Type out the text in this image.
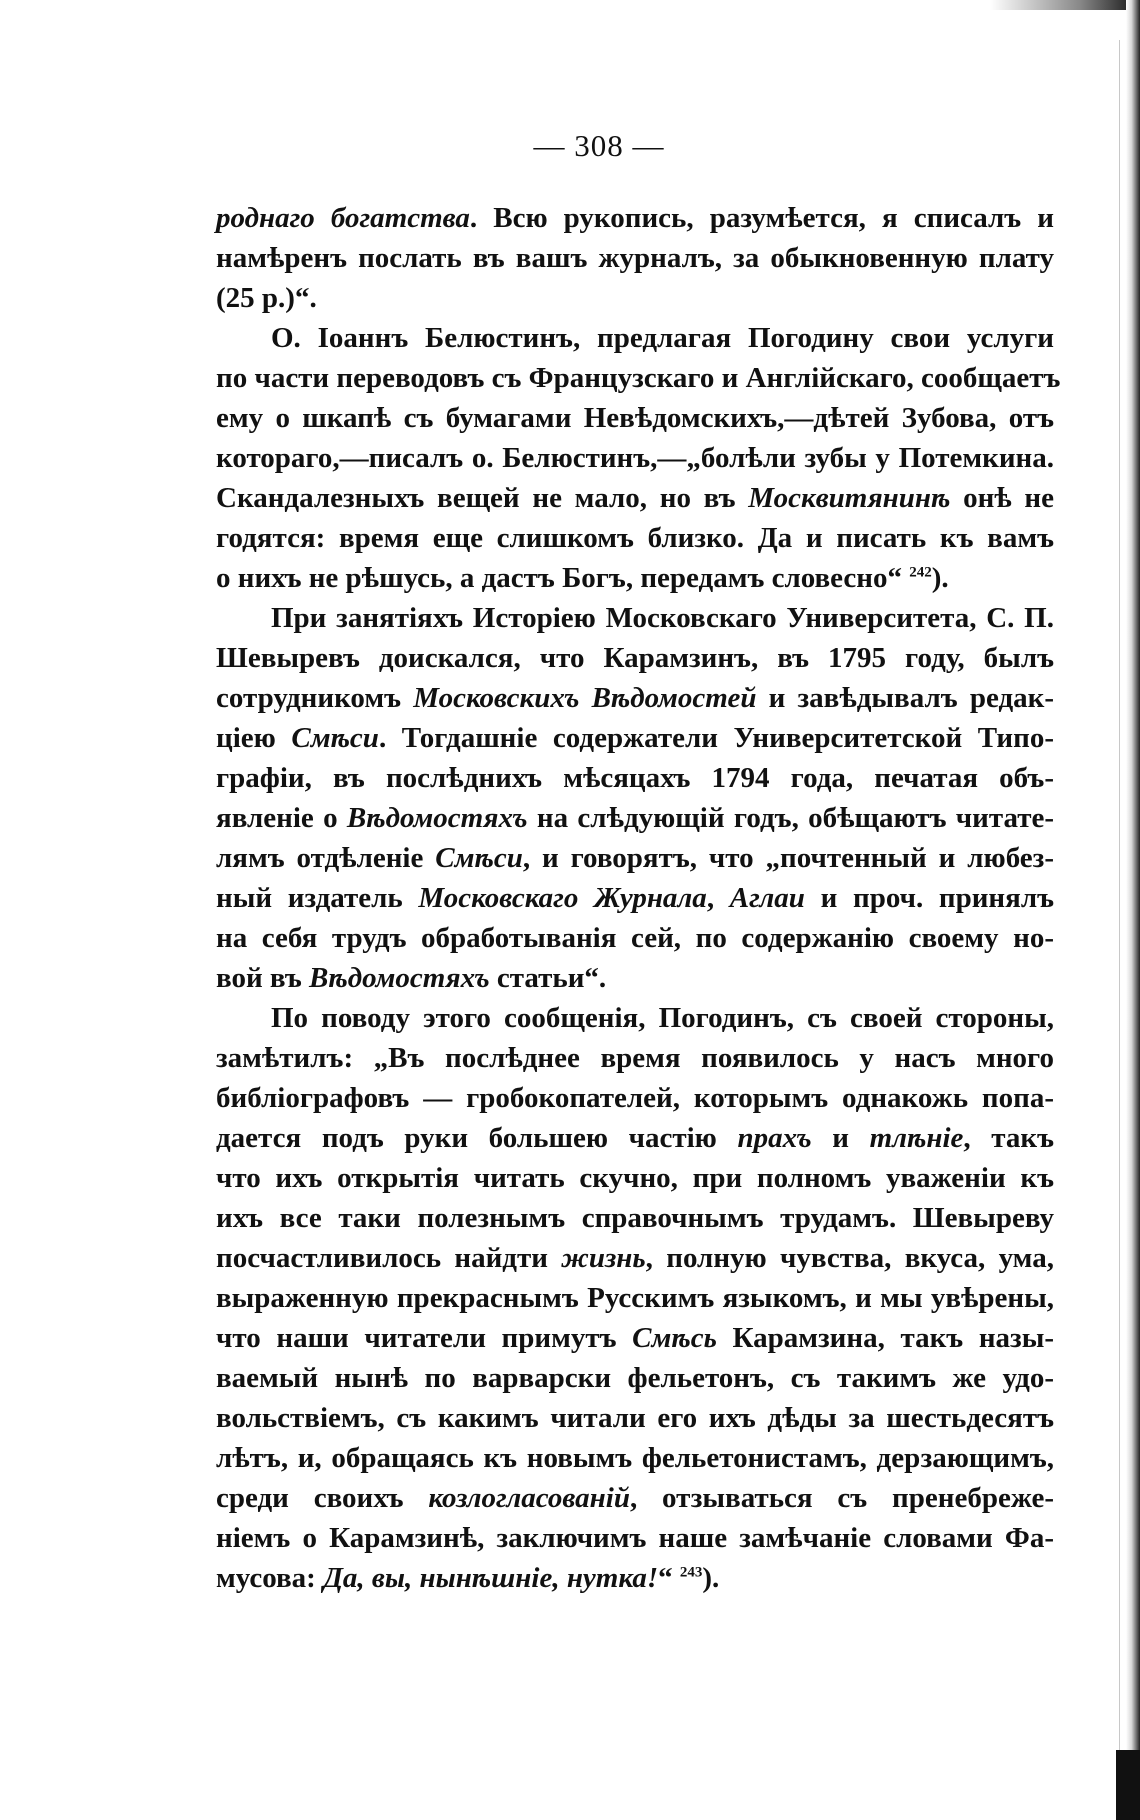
— 308 —
роднаго богатства. Всю рукопись, разумѣется, я списалъ и
намѣренъ послать въ вашъ журналъ, за обыкновенную плату
(25 р.)“.
О. Іоаннъ Белюстинъ, предлагая Погодину свои услуги
по части переводовъ съ Французскаго и Англійскаго, сообщаетъ
ему о шкапѣ съ бумагами Невѣдомскихъ,—дѣтей Зубова, отъ
котораго,—писалъ о. Белюстинъ,—„болѣли зубы у Потемкина.
Скандалезныхъ вещей не мало, но въ Москвитянинѣ онѣ не
годятся: время еще слишкомъ близко. Да и писать къ вамъ
о нихъ не рѣшусь, а дастъ Богъ, передамъ словесно“ $^{242}$).
При занятіяхъ Исторіею Московскаго Университета, С. П.
Шевыревъ доискался, что Карамзинъ, въ 1795 году, былъ
сотрудникомъ Московскихъ Вѣдомостей и завѣдывалъ редак-
ціею Смѣси. Тогдашніе содержатели Университетской Типо-
графіи, въ послѣднихъ мѣсяцахъ 1794 года, печатая объ-
явленіе о Вѣдомостяхъ на слѣдующій годъ, обѣщаютъ читате-
лямъ отдѣленіе Смѣси, и говорятъ, что „почтенный и любез-
ный издатель Московскаго Журнала, Аглаи и проч. принялъ
на себя трудъ обработыванія сей, по содержанію своему но-
вой въ Вѣдомостяхъ статьи“.
По поводу этого сообщенія, Погодинъ, съ своей стороны,
замѣтилъ: „Въ послѣднее время появилось у насъ много
библіографовъ — гробокопателей, которымъ однакожь попа-
дается подъ руки большею частію прахъ и тлѣніе, такъ
что ихъ открытія читать скучно, при полномъ уваженіи къ
ихъ все таки полезнымъ справочнымъ трудамъ. Шевыреву
посчастливилось найдти жизнь, полную чувства, вкуса, ума,
выраженную прекраснымъ Русскимъ языкомъ, и мы увѣрены,
что наши читатели примутъ Смѣсь Карамзина, такъ назы-
ваемый нынѣ по варварски фельетонъ, съ такимъ же удо-
вольствіемъ, съ какимъ читали его ихъ дѣды за шестьдесятъ
лѣтъ, и, обращаясь къ новымъ фельетонистамъ, дерзающимъ,
среди своихъ козлогласованій, отзываться съ пренебреже-
ніемъ о Карамзинѣ, заключимъ наше замѣчаніе словами Фа-
мусова: Да, вы, нынѣшніе, нутка!“ $^{243}$).
